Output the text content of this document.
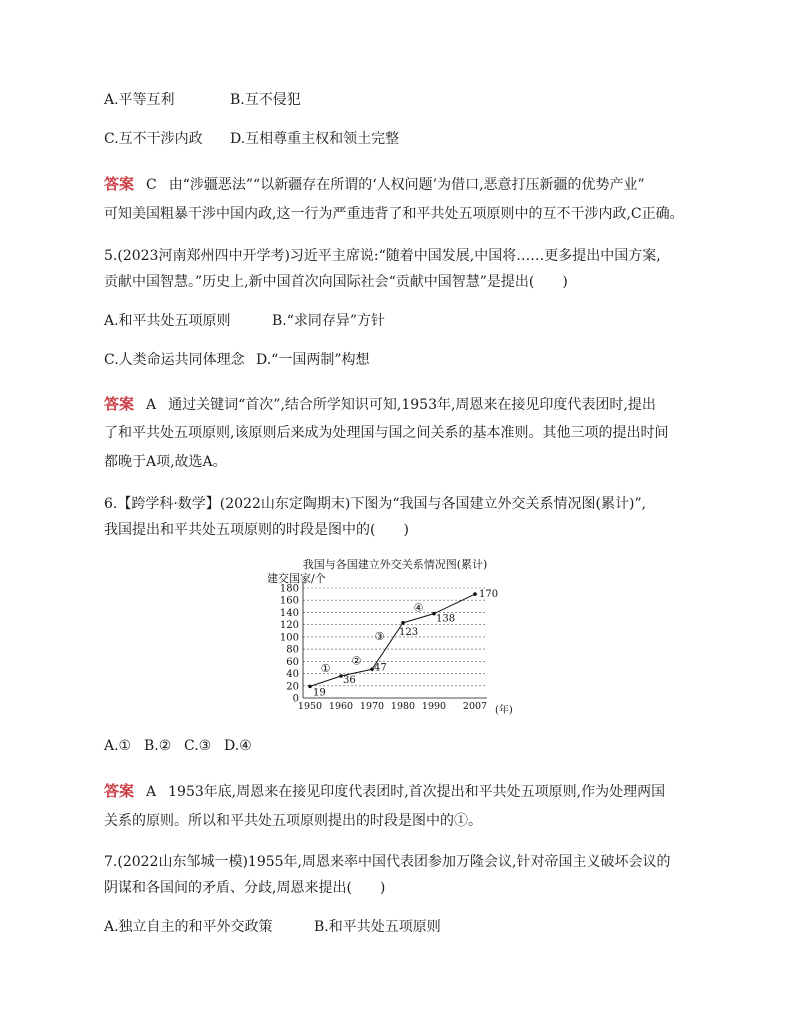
A.平等互利	B.互不侵犯
C.互不干涉内政 D.互相尊重主权和领土完整
答案 C 由“涉疆恶法”“以新疆存在所谓的‘人权问题’为借口,恶意打压新疆的优势产业”
可知美国粗暴干涉中国内政,这一行为严重违背了和平共处五项原则中的互不干涉内政,C正确。
5.(2023河南郑州四中开学考)习近平主席说:“随着中国发展,中国将……更多提出中国方案,
贡献中国智慧。”历史上,新中国首次向国际社会“贡献中国智慧”是提出(　　)
A.和平共处五项原则	B.“求同存异”方针
C.人类命运共同体理念 D.“一国两制”构想
答案 A 通过关键词“首次”,结合所学知识可知,1953年,周恩来在接见印度代表团时,提出
了和平共处五项原则,该原则后来成为处理国与国之间关系的基本准则。其他三项的提出时间
都晚于A项,故选A。
6.【跨学科·数学】(2022山东定陶期末)下图为“我国与各国建立外交关系情况图(累计)”,
我国提出和平共处五项原则的时段是图中的(　　)
我国与各国建立外交关系情况图(累计)
建交国家/个
(年)
0
20
40
60
80
100
120
140
160
180
1950 1960 1970 1980 1990 2007
19
36
47
123
138
170
①
②
③
④
A.① B.② C.③ D.④
答案 A 1953年底,周恩来在接见印度代表团时,首次提出和平共处五项原则,作为处理两国
关系的原则。所以和平共处五项原则提出的时段是图中的①。
7.(2022山东邹城一模)1955年,周恩来率中国代表团参加万隆会议,针对帝国主义破坏会议的
阴谋和各国间的矛盾、分歧,周恩来提出(　　)
A.独立自主的和平外交政策	B.和平共处五项原则
